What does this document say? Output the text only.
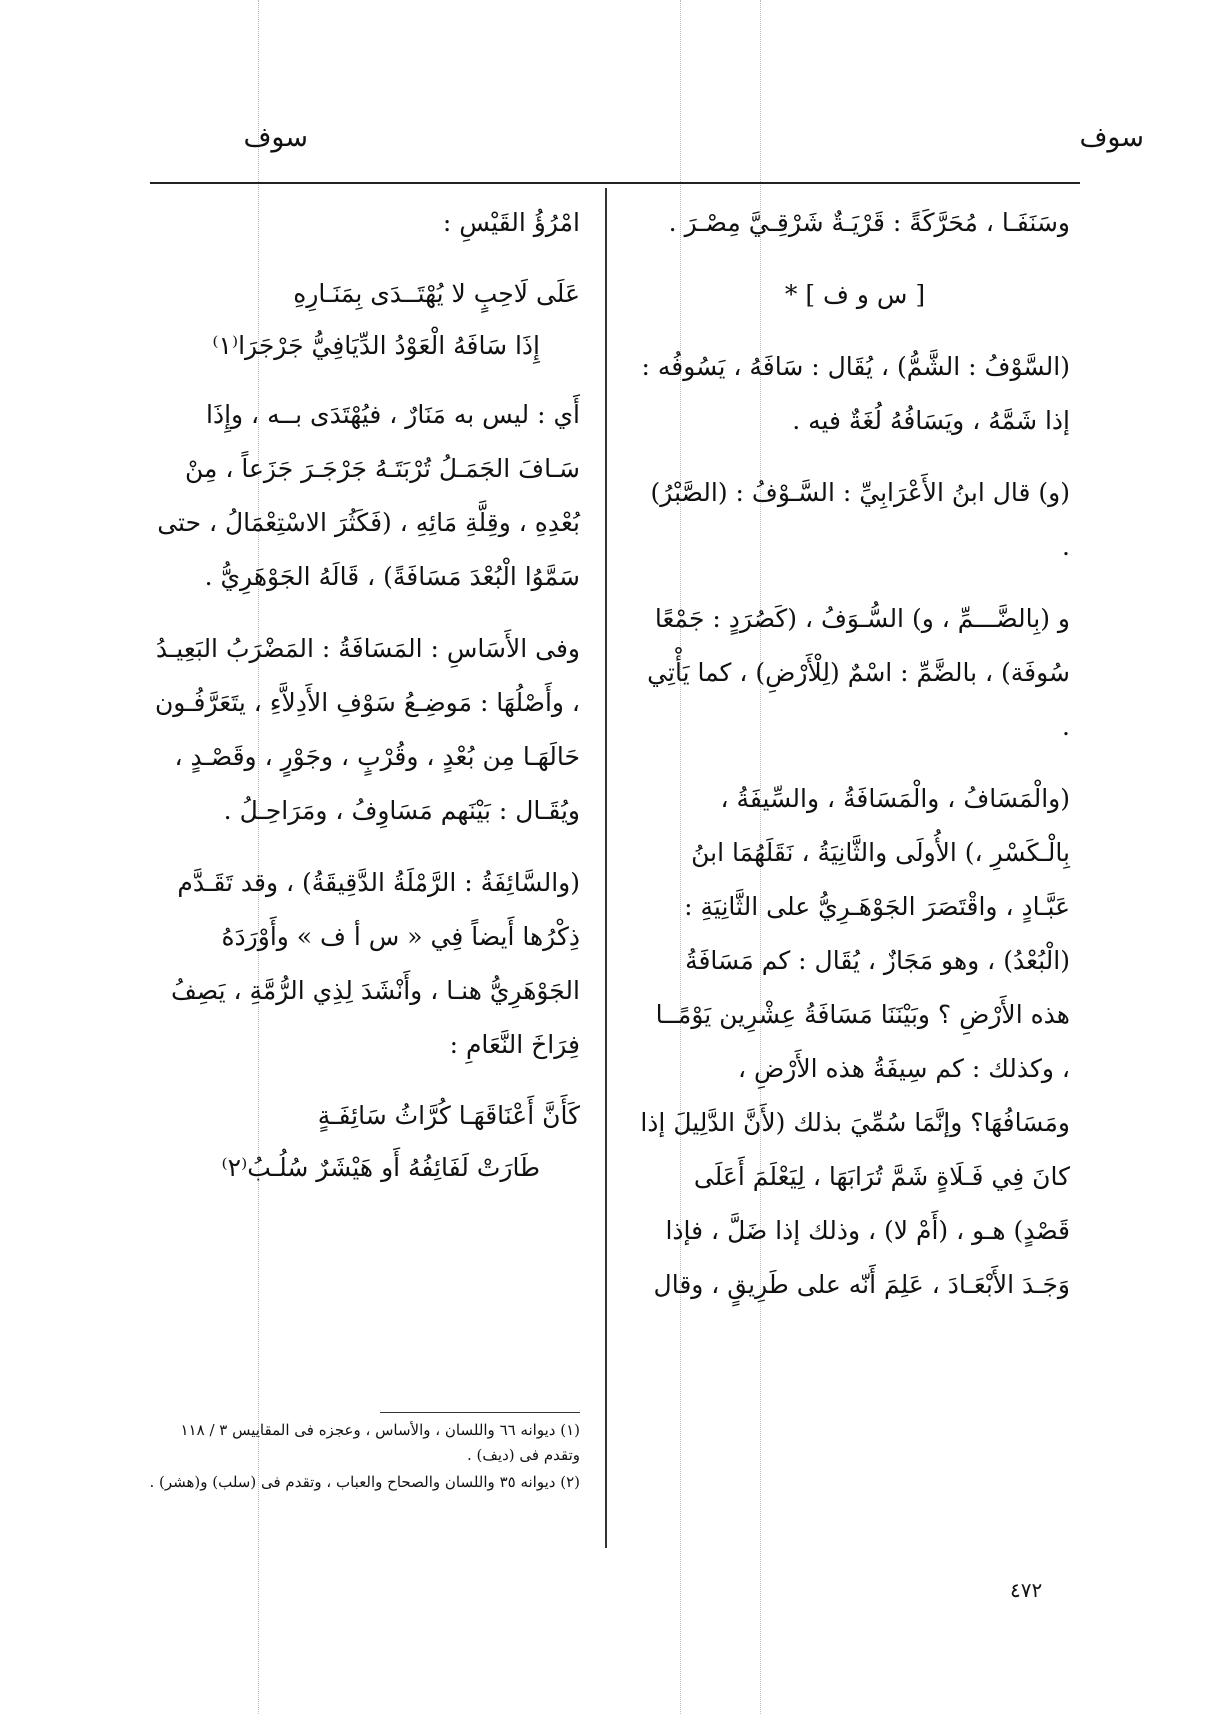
سوف
سوف

وسَنَفَـا ، مُحَرَّكَةً : قَرْيَـةٌ شَرْقِـيَّ مِصْـرَ .

[ س و ف ] *

(السَّوْفُ : الشَّمُّ) ، يُقَال : سَافَهُ ، يَسُوفُه : إذا شَمَّهُ ، ويَسَافُهُ لُغَةٌ فيه .

(و) قال ابنُ الأَعْرَابِيِّ : السَّـوْفُ : (الصَّبْرُ) .

و (بِالضَّـــمِّ ، و) السُّـوَفُ ، (كَصُرَدٍ : جَمْعًا سُوفَة) ، بالضَّمِّ : اسْمٌ (لِلْأَرْضِ) ، كما يَأْتِي .

(والْمَسَافُ ، والْمَسَافَةُ ، والسِّيفَةُ ، بِالْـكَسْرِ ،) الأُولَى والثَّانِيَةُ ، نَقَلَهُمَا ابنُ عَبَّـادٍ ، واقْتَصَرَ الجَوْهَـرِيُّ على الثَّانِيَةِ : (الْبُعْدُ) ، وهو مَجَازٌ ، يُقَال : كم مَسَافَةُ هذه الأَرْضِ ؟ وبَيْنَنَا مَسَافَةُ عِشْرِين يَوْمًــا ، وكذلك : كم سِيفَةُ هذه الأَرْضِ ، ومَسَافُهَا؟ وإنَّمَا سُمِّيَ بذلك (لأَنَّ الدَّلِيلَ إذا كانَ فِي فَـلَاةٍ شَمَّ تُرَابَهَا ، لِيَعْلَمَ أَعَلَى قَصْدٍ) هـو ، (أَمْ لا) ، وذلك إذا ضَلَّ ، فإذا وَجَـدَ الأَبْعَـادَ ، عَلِمَ أَنّه على طَرِيقٍ ، وقال

امْرُؤُ القَيْسِ :

عَلَى لَاحِبٍ لا يُهْتَــدَى بِمَنَـارِهِ
إِذَا سَافَهُ الْعَوْدُ الدِّيَافِيُّ جَرْجَرَا⁽١⁾

أَي : ليس به مَنَارٌ ، فيُهْتَدَى بــه ، وإِذَا سَـافَ الجَمَـلُ تُرْبَتَـهُ جَرْجَـرَ جَزَعاً ، مِنْ بُعْدِهِ ، وقِلَّةِ مَائِهِ ، (فَكَثُرَ الاسْتِعْمَالُ ، حتى سَمَّوُا الْبُعْدَ مَسَافَةً) ، قَالَهُ الجَوْهَرِيُّ .

وفى الأَسَاسِ : المَسَافَةُ : المَضْرَبُ البَعِيـدُ ، وأَصْلُهَا : مَوضِـعُ سَوْفِ الأَدِلاَّءِ ، يتَعَرَّفُـون حَالَهَـا مِن بُعْدٍ ، وقُرْبٍ ، وجَوْرٍ ، وقَصْـدٍ ، ويُقَـال : بَيْنَهم مَسَاوِفُ ، ومَرَاحِـلُ .

(والسَّائِفَةُ : الرَّمْلَةُ الدَّقِيقَةُ) ، وقد تَقَـدَّم ذِكْرُها أَيضاً فِي « س أ ف » وأَوْرَدَهُ الجَوْهَرِيُّ هنـا ، وأَنْشَدَ لِذِي الرُّمَّةِ ، يَصِفُ فِرَاخَ النَّعَامِ :

كَأَنَّ أَعْنَاقَهَـا كُرَّاثُ سَائِفَـةٍ
طَارَتْ لَفَائِفُهُ أَو هَيْشَرٌ سُلُـبُ⁽٢⁾
(١) ديوانه ٦٦ واللسان ، والأساس ، وعجزه فى المقاييس ٣ / ١١٨ وتقدم فى (ديف) .
(٢) ديوانه ٣٥ واللسان والصحاح والعباب ، وتقدم فى (سلب) و(هشر) .
٤٧٢
